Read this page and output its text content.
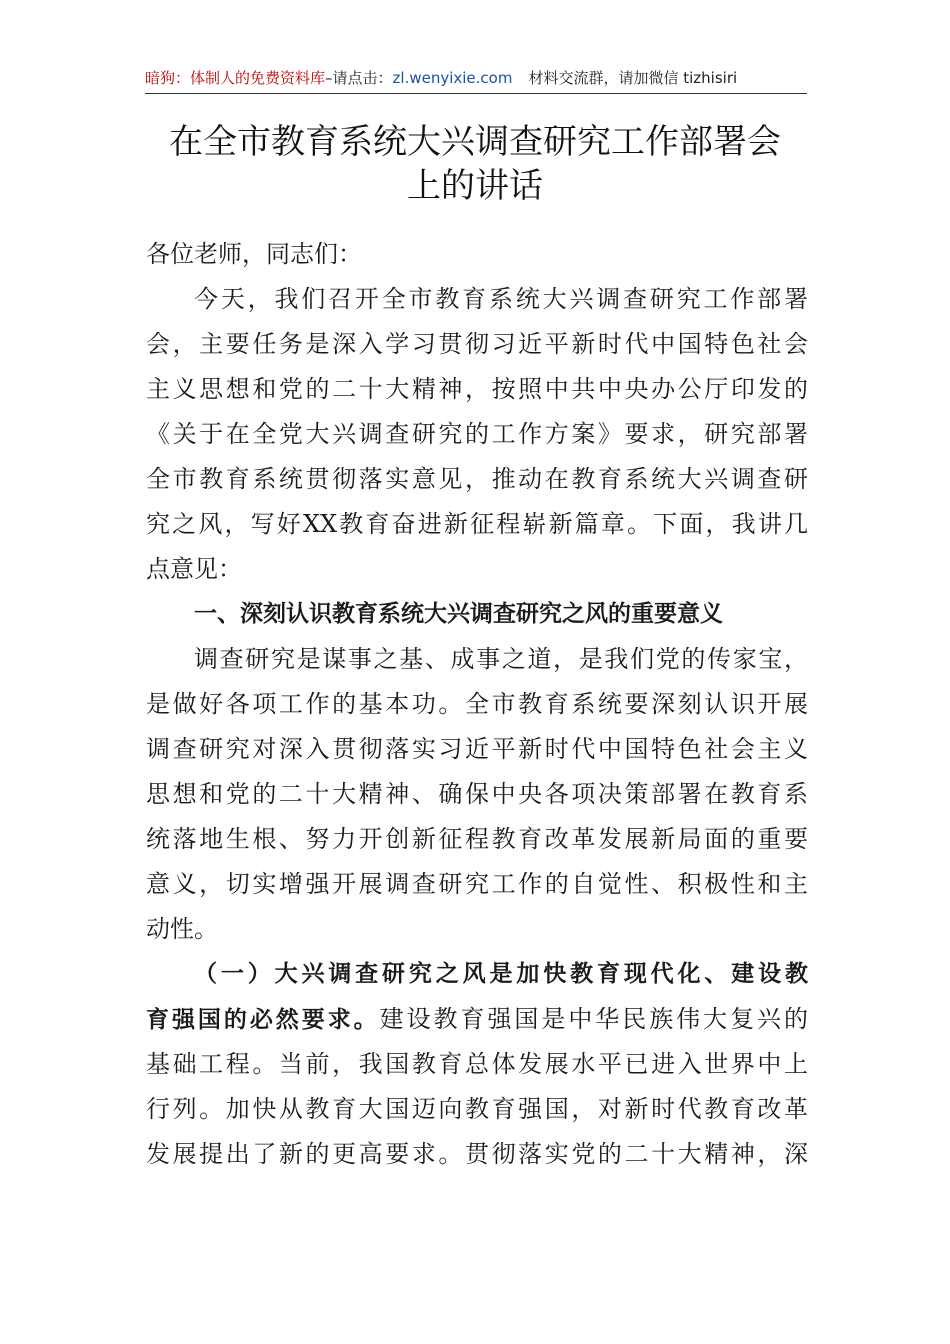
暗狗：体制人的免费资料库–请点击：zl.wenyixie.com 材料交流群，请加微信 tizhisiri
在全市教育系统大兴调查研究工作部署会
上的讲话
各位老师，同志们：
今天，我们召开全市教育系统大兴调查研究工作部署
会，主要任务是深入学习贯彻习近平新时代中国特色社会
主义思想和党的二十大精神，按照中共中央办公厅印发的
《关于在全党大兴调查研究的工作方案》要求，研究部署
全市教育系统贯彻落实意见，推动在教育系统大兴调查研
究之风，写好XX教育奋进新征程崭新篇章。下面，我讲几
点意见：
一、深刻认识教育系统大兴调查研究之风的重要意义
调查研究是谋事之基、成事之道，是我们党的传家宝，
是做好各项工作的基本功。全市教育系统要深刻认识开展
调查研究对深入贯彻落实习近平新时代中国特色社会主义
思想和党的二十大精神、确保中央各项决策部署在教育系
统落地生根、努力开创新征程教育改革发展新局面的重要
意义，切实增强开展调查研究工作的自觉性、积极性和主
动性。
（一）大兴调查研究之风是加快教育现代化、建设教
育强国的必然要求。建设教育强国是中华民族伟大复兴的
基础工程。当前，我国教育总体发展水平已进入世界中上
行列。加快从教育大国迈向教育强国，对新时代教育改革
发展提出了新的更高要求。贯彻落实党的二十大精神，深
